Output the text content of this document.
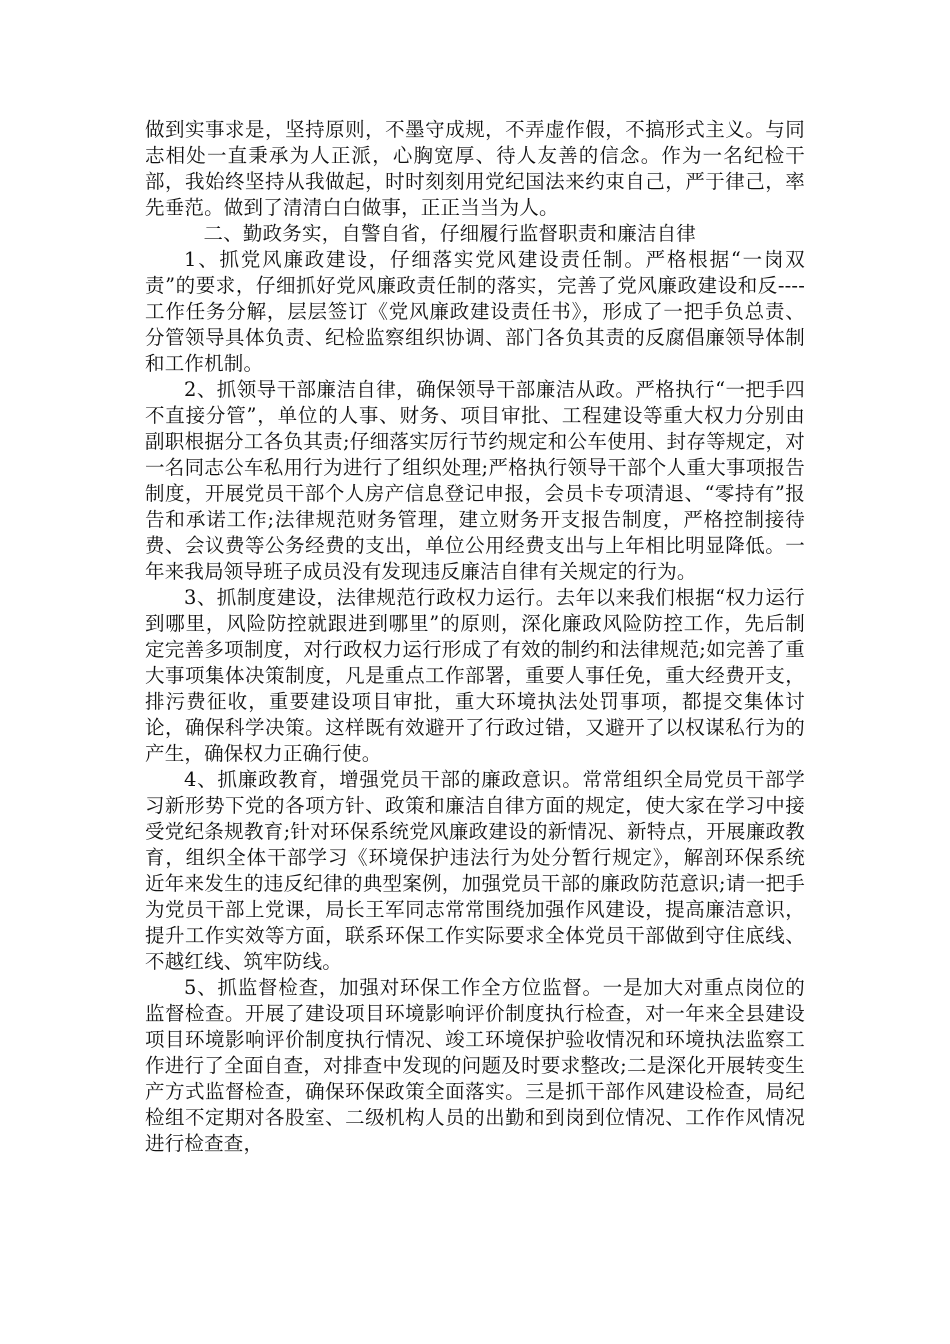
做到实事求是，坚持原则，不墨守成规，不弄虚作假，不搞形式主义。与同志相处一直秉承为人正派，心胸宽厚、待人友善的信念。作为一名纪检干部，我始终坚持从我做起，时时刻刻用党纪国法来约束自己，严于律己，率先垂范。做到了清清白白做事，正正当当为人。

二、勤政务实，自警自省，仔细履行监督职责和廉洁自律

1、抓党风廉政建设，仔细落实党风建设责任制。严格根据“一岗双责”的要求，仔细抓好党风廉政责任制的落实，完善了党风廉政建设和反----工作任务分解，层层签订《党风廉政建设责任书》，形成了一把手负总责、分管领导具体负责、纪检监察组织协调、部门各负其责的反腐倡廉领导体制和工作机制。

2、抓领导干部廉洁自律，确保领导干部廉洁从政。严格执行“一把手四不直接分管”，单位的人事、财务、项目审批、工程建设等重大权力分别由副职根据分工各负其责;仔细落实厉行节约规定和公车使用、封存等规定，对一名同志公车私用行为进行了组织处理;严格执行领导干部个人重大事项报告制度，开展党员干部个人房产信息登记申报，会员卡专项清退、“零持有”报告和承诺工作;法律规范财务管理，建立财务开支报告制度，严格控制接待费、会议费等公务经费的支出，单位公用经费支出与上年相比明显降低。一年来我局领导班子成员没有发现违反廉洁自律有关规定的行为。

3、抓制度建设，法律规范行政权力运行。去年以来我们根据“权力运行到哪里，风险防控就跟进到哪里”的原则，深化廉政风险防控工作，先后制定完善多项制度，对行政权力运行形成了有效的制约和法律规范;如完善了重大事项集体决策制度，凡是重点工作部署，重要人事任免，重大经费开支，排污费征收，重要建设项目审批，重大环境执法处罚事项，都提交集体讨论，确保科学决策。这样既有效避开了行政过错，又避开了以权谋私行为的产生，确保权力正确行使。

4、抓廉政教育，增强党员干部的廉政意识。常常组织全局党员干部学习新形势下党的各项方针、政策和廉洁自律方面的规定，使大家在学习中接受党纪条规教育;针对环保系统党风廉政建设的新情况、新特点，开展廉政教育，组织全体干部学习《环境保护违法行为处分暂行规定》，解剖环保系统近年来发生的违反纪律的典型案例，加强党员干部的廉政防范意识;请一把手为党员干部上党课，局长王军同志常常围绕加强作风建设，提高廉洁意识，提升工作实效等方面，联系环保工作实际要求全体党员干部做到守住底线、不越红线、筑牢防线。

5、抓监督检查，加强对环保工作全方位监督。一是加大对重点岗位的监督检查。开展了建设项目环境影响评价制度执行检查，对一年来全县建设项目环境影响评价制度执行情况、竣工环境保护验收情况和环境执法监察工作进行了全面自查，对排查中发现的问题及时要求整改;二是深化开展转变生产方式监督检查，确保环保政策全面落实。三是抓干部作风建设检查，局纪检组不定期对各股室、二级机构人员的出勤和到岗到位情况、工作作风情况进行检查查，
